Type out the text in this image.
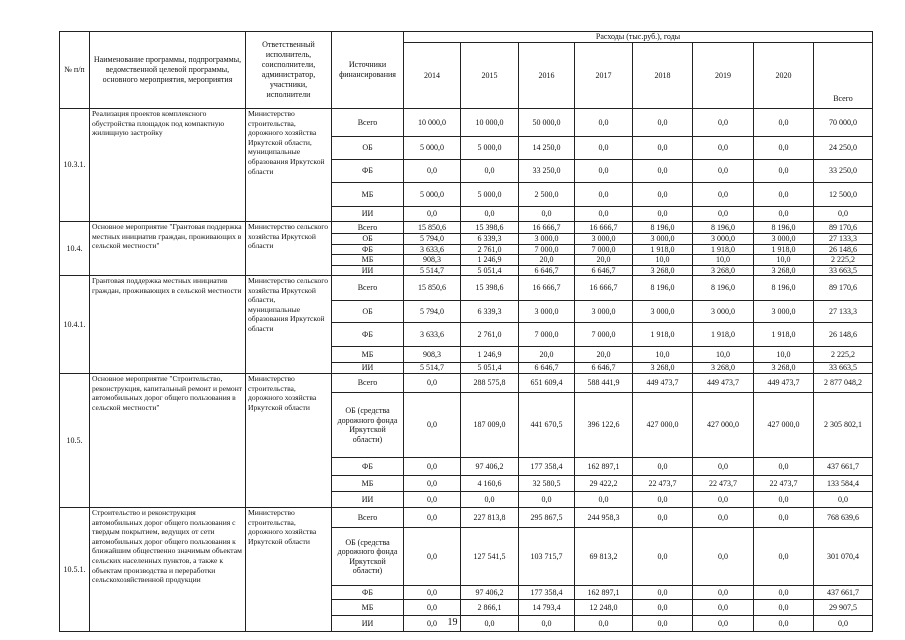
№ п/п	Наименование программы, подпрограммы, ведомственной целевой программы, основного мероприятия, мероприятия	Ответственный исполнитель, соисполнители, администратор, участники, исполнители	Источники финансирования	Расходы (тыс.руб.), годы							
				2014	2015	2016	2017	2018	2019	2020	Всего
10.3.1.	Реализация проектов комплексного обустройства площадок под компактную жилищную застройку	Министерство строительства, дорожного хозяйства Иркутской области, муниципальные образования Иркутской области	Всего	10 000,0	10 000,0	50 000,0	0,0	0,0	0,0	0,0	70 000,0
			ОБ	5 000,0	5 000,0	14 250,0	0,0	0,0	0,0	0,0	24 250,0
			ФБ	0,0	0,0	33 250,0	0,0	0,0	0,0	0,0	33 250,0
			МБ	5 000,0	5 000,0	2 500,0	0,0	0,0	0,0	0,0	12 500,0
			ИИ	0,0	0,0	0,0	0,0	0,0	0,0	0,0	0,0
10.4.	Основное мероприятие "Грантовая поддержка местных инициатив граждан, проживающих в сельской местности"	Министерство сельского хозяйства Иркутской области	Всего	15 850,6	15 398,6	16 666,7	16 666,7	8 196,0	8 196,0	8 196,0	89 170,6
			ОБ	5 794,0	6 339,3	3 000,0	3 000,0	3 000,0	3 000,0	3 000,0	27 133,3
			ФБ	3 633,6	2 761,0	7 000,0	7 000,0	1 918,0	1 918,0	1 918,0	26 148,6
			МБ	908,3	1 246,9	20,0	20,0	10,0	10,0	10,0	2 225,2
			ИИ	5 514,7	5 051,4	6 646,7	6 646,7	3 268,0	3 268,0	3 268,0	33 663,5
10.4.1.	Грантовая поддержка местных инициатив граждан, проживающих в сельской местности	Министерство сельского хозяйства Иркутской области, муниципальные образования Иркутской области	Всего	15 850,6	15 398,6	16 666,7	16 666,7	8 196,0	8 196,0	8 196,0	89 170,6
			ОБ	5 794,0	6 339,3	3 000,0	3 000,0	3 000,0	3 000,0	3 000,0	27 133,3
			ФБ	3 633,6	2 761,0	7 000,0	7 000,0	1 918,0	1 918,0	1 918,0	26 148,6
			МБ	908,3	1 246,9	20,0	20,0	10,0	10,0	10,0	2 225,2
			ИИ	5 514,7	5 051,4	6 646,7	6 646,7	3 268,0	3 268,0	3 268,0	33 663,5
10.5.	Основное мероприятие "Строительство, реконструкция, капитальный ремонт и ремонт автомобильных дорог общего пользования в сельской местности"	Министерство строительства, дорожного хозяйства Иркутской области	Всего	0,0	288 575,8	651 609,4	588 441,9	449 473,7	449 473,7	449 473,7	2 877 048,2
			ОБ (средства дорожного фонда Иркутской области)	0,0	187 009,0	441 670,5	396 122,6	427 000,0	427 000,0	427 000,0	2 305 802,1
			ФБ	0,0	97 406,2	177 358,4	162 897,1	0,0	0,0	0,0	437 661,7
			МБ	0,0	4 160,6	32 580,5	29 422,2	22 473,7	22 473,7	22 473,7	133 584,4
			ИИ	0,0	0,0	0,0	0,0	0,0	0,0	0,0	0,0
10.5.1.	Строительство и реконструкция автомобильных дорог общего пользования с твердым покрытием, ведущих от сети автомобильных дорог общего пользования к ближайшим общественно значимым объектам сельских населенных пунктов, а также к объектам производства и переработки сельскохозяйственной продукции	Министерство строительства, дорожного хозяйства Иркутской области	Всего	0,0	227 813,8	295 867,5	244 958,3	0,0	0,0	0,0	768 639,6
			ОБ (средства дорожного фонда Иркутской области)	0,0	127 541,5	103 715,7	69 813,2	0,0	0,0	0,0	301 070,4
			ФБ	0,0	97 406,2	177 358,4	162 897,1	0,0	0,0	0,0	437 661,7
			МБ	0,0	2 866,1	14 793,4	12 248,0	0,0	0,0	0,0	29 907,5
			ИИ	0,0	0,0	0,0	0,0	0,0	0,0	0,0	0,0
19
